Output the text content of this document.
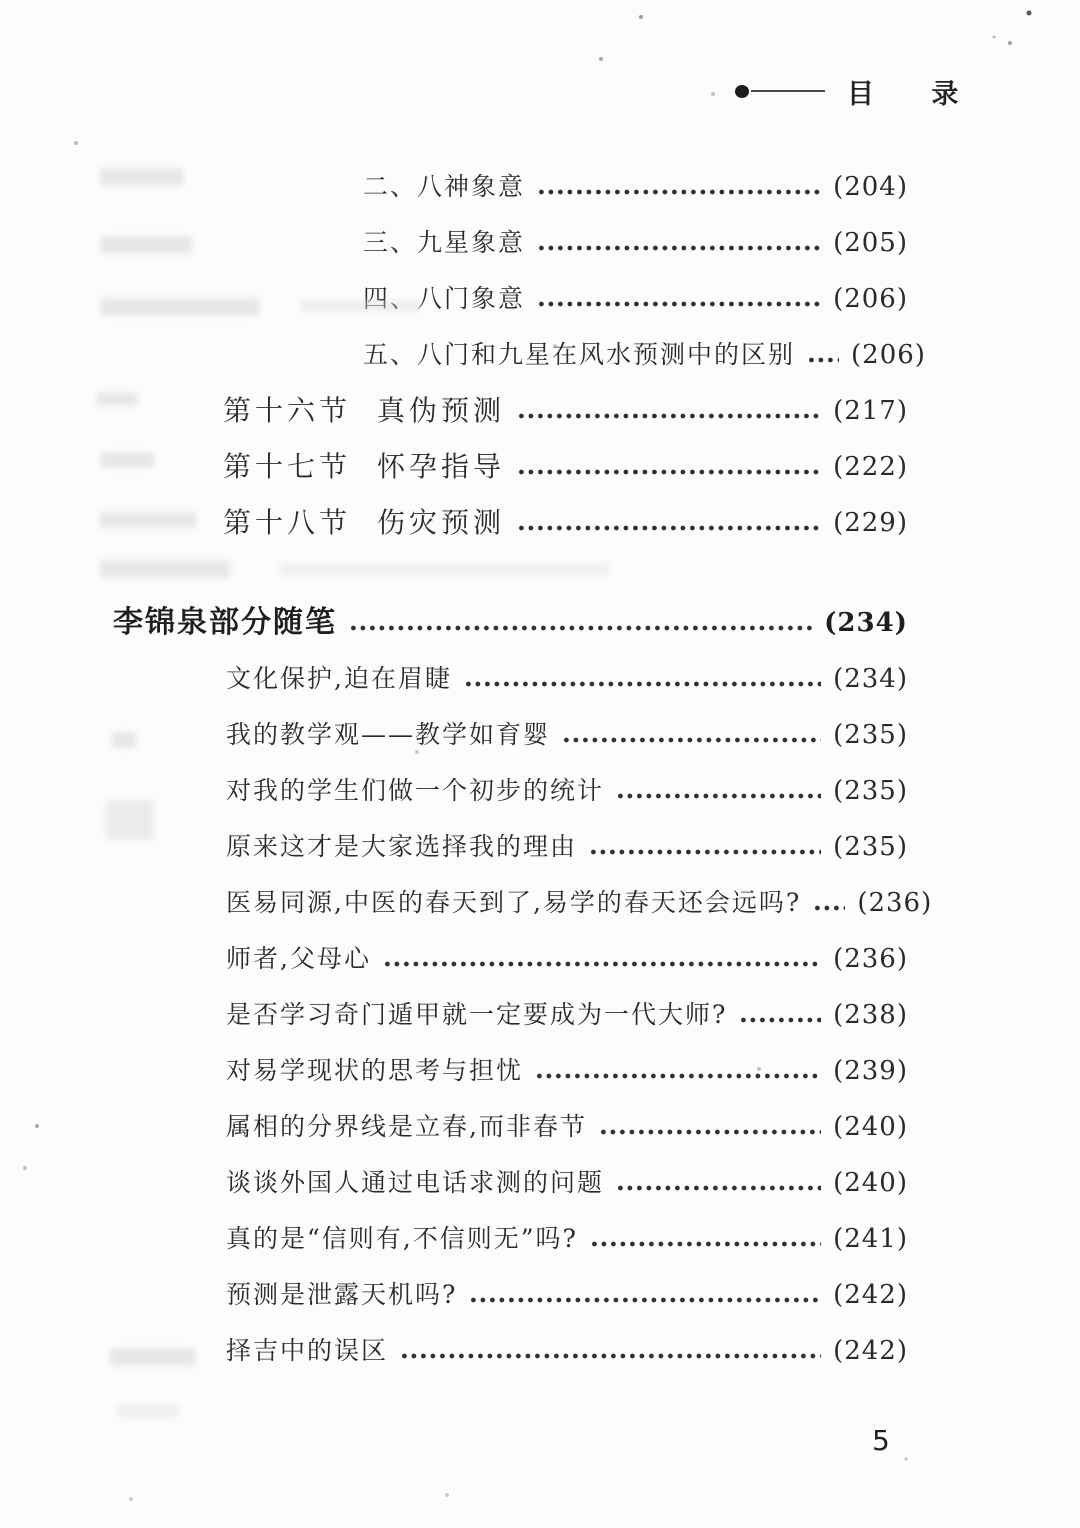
目 录
二、八神象意	(204)
三、九星象意	(205)
四、八门象意	(206)
五、八门和九星在风水预测中的区别 (206)
第十六节 真伪预测	(217)
第十七节 怀孕指导	(222)
第十八节 伤灾预测	(229)
李锦泉部分随笔	(234)
文化保护,迫在眉睫	(234)
我的教学观——教学如育婴	(235)
对我的学生们做一个初步的统计	(235)
原来这才是大家选择我的理由	(235)
医易同源,中医的春天到了,易学的春天还会远吗? (236)
师者,父母心	(236)
是否学习奇门遁甲就一定要成为一代大师?	(238)
对易学现状的思考与担忧	(239)
属相的分界线是立春,而非春节	(240)
谈谈外国人通过电话求测的问题	(240)
真的是“信则有,不信则无”吗?	(241)
预测是泄露天机吗?	(242)
择吉中的误区	(242)
5
